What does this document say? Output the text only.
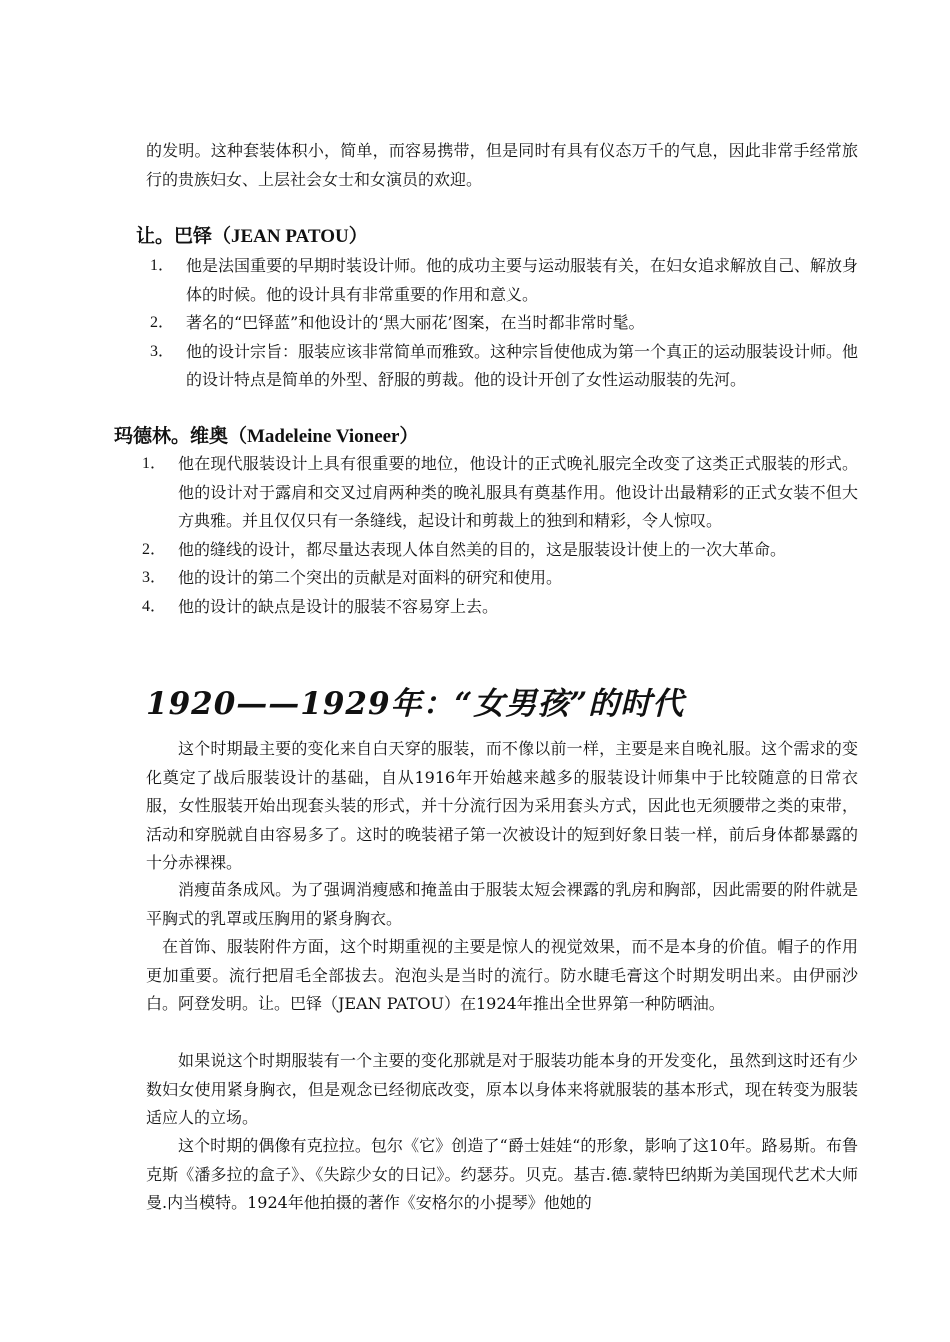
的发明。这种套装体积小，简单，而容易携带，但是同时有具有仪态万千的气息，因此非常手经常旅行的贵族妇女、上层社会女士和女演员的欢迎。
让。巴铎（JEAN PATOU）
1． 他是法国重要的早期时装设计师。他的成功主要与运动服装有关，在妇女追求解放自己、解放身体的时候。他的设计具有非常重要的作用和意义。
2． 著名的“巴铎蓝”和他设计的‘黑大丽花’图案，在当时都非常时髦。
3． 他的设计宗旨：服装应该非常简单而雅致。这种宗旨使他成为第一个真正的运动服装设计师。他的设计特点是简单的外型、舒服的剪裁。他的设计开创了女性运动服装的先河。
玛德林。维奥（Madeleine Vioneer）
1． 他在现代服装设计上具有很重要的地位，他设计的正式晚礼服完全改变了这类正式服装的形式。他的设计对于露肩和交叉过肩两种类的晚礼服具有奠基作用。他设计出最精彩的正式女装不但大方典雅。并且仅仅只有一条缝线，起设计和剪裁上的独到和精彩，令人惊叹。
2． 他的缝线的设计，都尽量达表现人体自然美的目的，这是服装设计使上的一次大革命。
3． 他的设计的第二个突出的贡献是对面料的研究和使用。
4． 他的设计的缺点是设计的服装不容易穿上去。
1920——1929年：“女男孩”的时代
这个时期最主要的变化来自白天穿的服装，而不像以前一样，主要是来自晚礼服。这个需求的变化奠定了战后服装设计的基础，自从1916年开始越来越多的服装设计师集中于比较随意的日常衣服，女性服装开始出现套头装的形式，并十分流行因为采用套头方式，因此也无须腰带之类的束带，活动和穿脱就自由容易多了。这时的晚装裙子第一次被设计的短到好象日装一样，前后身体都暴露的十分赤裸裸。
消瘦苗条成风。为了强调消瘦感和掩盖由于服装太短会裸露的乳房和胸部，因此需要的附件就是平胸式的乳罩或压胸用的紧身胸衣。
在首饰、服装附件方面，这个时期重视的主要是惊人的视觉效果，而不是本身的价值。帽子的作用更加重要。流行把眉毛全部拔去。泡泡头是当时的流行。防水睫毛膏这个时期发明出来。由伊丽沙白。阿登发明。让。巴铎（JEAN PATOU）在1924年推出全世界第一种防晒油。
如果说这个时期服装有一个主要的变化那就是对于服装功能本身的开发变化，虽然到这时还有少数妇女使用紧身胸衣，但是观念已经彻底改变，原本以身体来将就服装的基本形式，现在转变为服装适应人的立场。
这个时期的偶像有克拉拉。包尔《它》创造了“爵士娃娃“的形象，影响了这10年。路易斯。布鲁克斯《潘多拉的盒子》、《失踪少女的日记》。约瑟芬。贝克。基吉.德.蒙特巴纳斯为美国现代艺术大师曼.内当模特。1924年他拍摄的著作《安格尔的小提琴》他她的
